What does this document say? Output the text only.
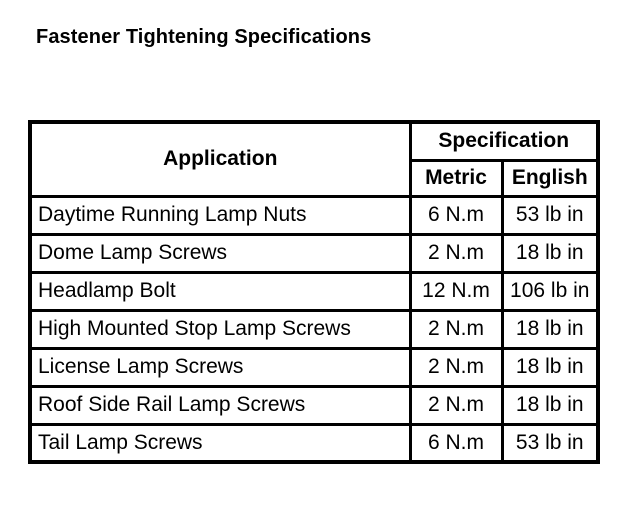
Fastener Tightening Specifications
Application	Specification	
	Metric	English
Daytime Running Lamp Nuts	6 N.m	53 lb in
Dome Lamp Screws	2 N.m	18 lb in
Headlamp Bolt	12 N.m	106 lb in
High Mounted Stop Lamp Screws	2 N.m	18 lb in
License Lamp Screws	2 N.m	18 lb in
Roof Side Rail Lamp Screws	2 N.m	18 lb in
Tail Lamp Screws	6 N.m	53 lb in
